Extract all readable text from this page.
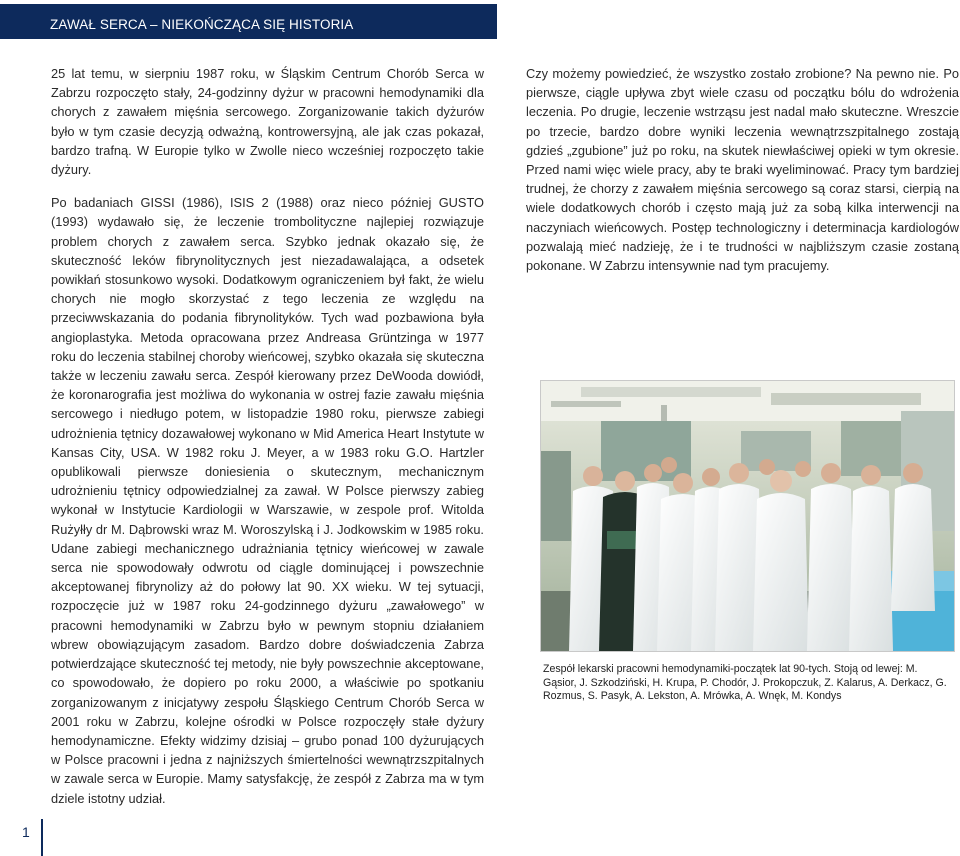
ZAWAŁ SERCA – NIEKOŃCZĄCA SIĘ HISTORIA

25 lat temu, w sierpniu 1987 roku, w Śląskim Centrum Chorób Serca w Zabrzu rozpoczęto stały, 24-godzinny dyżur w pracowni hemodynamiki dla chorych z zawałem mięśnia sercowego. Zorganizowanie takich dyżurów było w tym czasie decyzją odważną, kontrowersyjną, ale jak czas pokazał, bardzo trafną. W Europie tylko w Zwolle nieco wcześniej rozpoczęto takie dyżury.

Po badaniach GISSI (1986), ISIS 2 (1988) oraz nieco później GUSTO (1993) wydawało się, że leczenie trombolityczne najlepiej rozwiązuje problem chorych z zawałem serca. Szybko jednak okazało się, że skuteczność leków fibrynolitycznych jest niezadawalająca, a odsetek powikłań stosunkowo wysoki. Dodatkowym ograniczeniem był fakt, że wielu chorych nie mogło skorzystać z tego leczenia ze względu na przeciwwskazania do podania fibrynolityków. Tych wad pozbawiona była angioplastyka. Metoda opracowana przez Andreasa Grüntzinga w 1977 roku do leczenia stabilnej choroby wieńcowej, szybko okazała się skuteczna także w leczeniu zawału serca. Zespół kierowany przez DeWooda dowiódł, że koronarografia jest możliwa do wykonania w ostrej fazie zawału mięśnia sercowego i niedługo potem, w listopadzie 1980 roku, pierwsze zabiegi udrożnienia tętnicy dozawałowej wykonano w Mid America Heart Instytute w Kansas City, USA. W 1982 roku J. Meyer, a w 1983 roku G.O. Hartzler opublikowali pierwsze doniesienia o skutecznym, mechanicznym udrożnieniu tętnicy odpowiedzialnej za zawał. W Polsce pierwszy zabieg wykonał w Instytucie Kardiologii w Warszawie, w zespole prof. Witolda Rużyłły dr M. Dąbrowski wraz M. Woroszylską i J. Jodkowskim w 1985 roku. Udane zabiegi mechanicznego udrażniania tętnicy wieńcowej w zawale serca nie spowodowały odwrotu od ciągle dominującej i powszechnie akceptowanej fibrynolizy aż do połowy lat 90. XX wieku. W tej sytuacji, rozpoczęcie już w 1987 roku 24-godzinnego dyżuru „zawałowego” w pracowni hemodynamiki w Zabrzu było w pewnym stopniu działaniem wbrew obowiązującym zasadom. Bardzo dobre doświadczenia Zabrza potwierdzające skuteczność tej metody, nie były powszechnie akceptowane, co spowodowało, że dopiero po roku 2000, a właściwie po spotkaniu zorganizowanym z inicjatywy zespołu Śląskiego Centrum Chorób Serca w 2001 roku w Zabrzu, kolejne ośrodki w Polsce rozpoczęły stałe dyżury hemodynamiczne. Efekty widzimy dzisiaj – grubo ponad 100 dyżurujących w Polsce pracowni i jedna z najniższych śmiertelności wewnątrzszpitalnych w zawale serca w Europie. Mamy satysfakcję, że zespół z Zabrza ma w tym dziele istotny udział.

Czy możemy powiedzieć, że wszystko zostało zrobione? Na pewno nie. Po pierwsze, ciągle upływa zbyt wiele czasu od początku bólu do wdrożenia leczenia. Po drugie, leczenie wstrząsu jest nadal mało skuteczne. Wreszcie po trzecie, bardzo dobre wyniki leczenia wewnątrzszpitalnego zostają gdzieś „zgubione” już po roku, na skutek niewłaściwej opieki w tym okresie. Przed nami więc wiele pracy, aby te braki wyeliminować. Pracy tym bardziej trudnej, że chorzy z zawałem mięśnia sercowego są coraz starsi, cierpią na wiele dodatkowych chorób i często mają już za sobą kilka interwencji na naczyniach wieńcowych. Postęp technologiczny i determinacja kardiologów pozwalają mieć nadzieję, że i te trudności w najbliższym czasie zostaną pokonane. W Zabrzu intensywnie nad tym pracujemy.

Zespół lekarski pracowni hemodynamiki-początek lat 90-tych. Stoją od lewej: M. Gąsior, J. Szkodziński, H. Krupa, P. Chodór, J. Prokopczuk, Z. Kalarus, A. Derkacz, G. Rozmus, S. Pasyk, A. Lekston, A. Mrówka, A. Wnęk, M. Kondys
1
